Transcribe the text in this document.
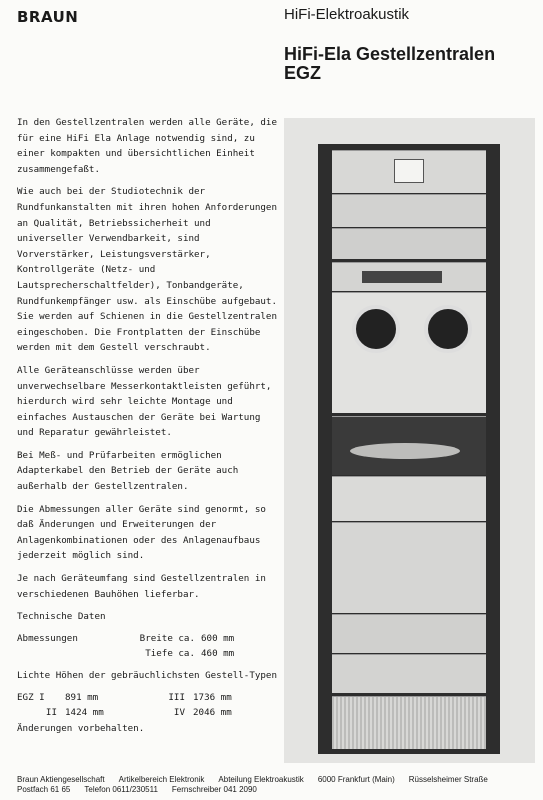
BRAUN	HiFi-Elektroakustik
HiFi-Ela Gestellzentralen
EGZ

In den Gestellzentralen werden alle Geräte, die für eine HiFi Ela Anlage notwendig sind, zu einer kompakten und übersichtlichen Einheit zusammengefaßt.

Wie auch bei der Studiotechnik der Rundfunkanstalten mit ihren hohen Anforderungen an Qualität, Betriebssicherheit und universeller Verwendbarkeit, sind Vorverstärker, Leistungsverstärker, Kontrollgeräte (Netz- und Lautsprecherschaltfelder), Tonbandgeräte, Rundfunkempfänger usw. als Einschübe aufgebaut. Sie werden auf Schienen in die Gestellzentralen eingeschoben. Die Frontplatten der Einschübe werden mit dem Gestell verschraubt.

Alle Geräteanschlüsse werden über unverwechselbare Messerkontaktleisten geführt, hierdurch wird sehr leichte Montage und einfaches Austauschen der Geräte bei Wartung und Reparatur gewährleistet.

Bei Meß- und Prüfarbeiten ermöglichen Adapterkabel den Betrieb der Geräte auch außerhalb der Gestellzentralen.

Die Abmessungen aller Geräte sind genormt, so daß Änderungen und Erweiterungen der Anlagenkombinationen oder des Anlagenaufbaus jederzeit möglich sind.

Je nach Geräteumfang sind Gestellzentralen in verschiedenen Bauhöhen lieferbar.

Technische Daten
Abmessungen	Breite ca. 600 mm
Tiefe ca. 460 mm
Lichte Höhen der gebräuchlichsten Gestell-Typen
EGZ I	891 mm	III 1736 mm
II 1424 mm	IV 2046 mm
Änderungen vorbehalten.
Braun Aktiengesellschaft Artikelbereich Elektronik Abteilung Elektroakustik 6000 Frankfurt (Main) Rüsselsheimer Straße
Postfach 61 65 Telefon 0611/230511 Fernschreiber 041 2090
